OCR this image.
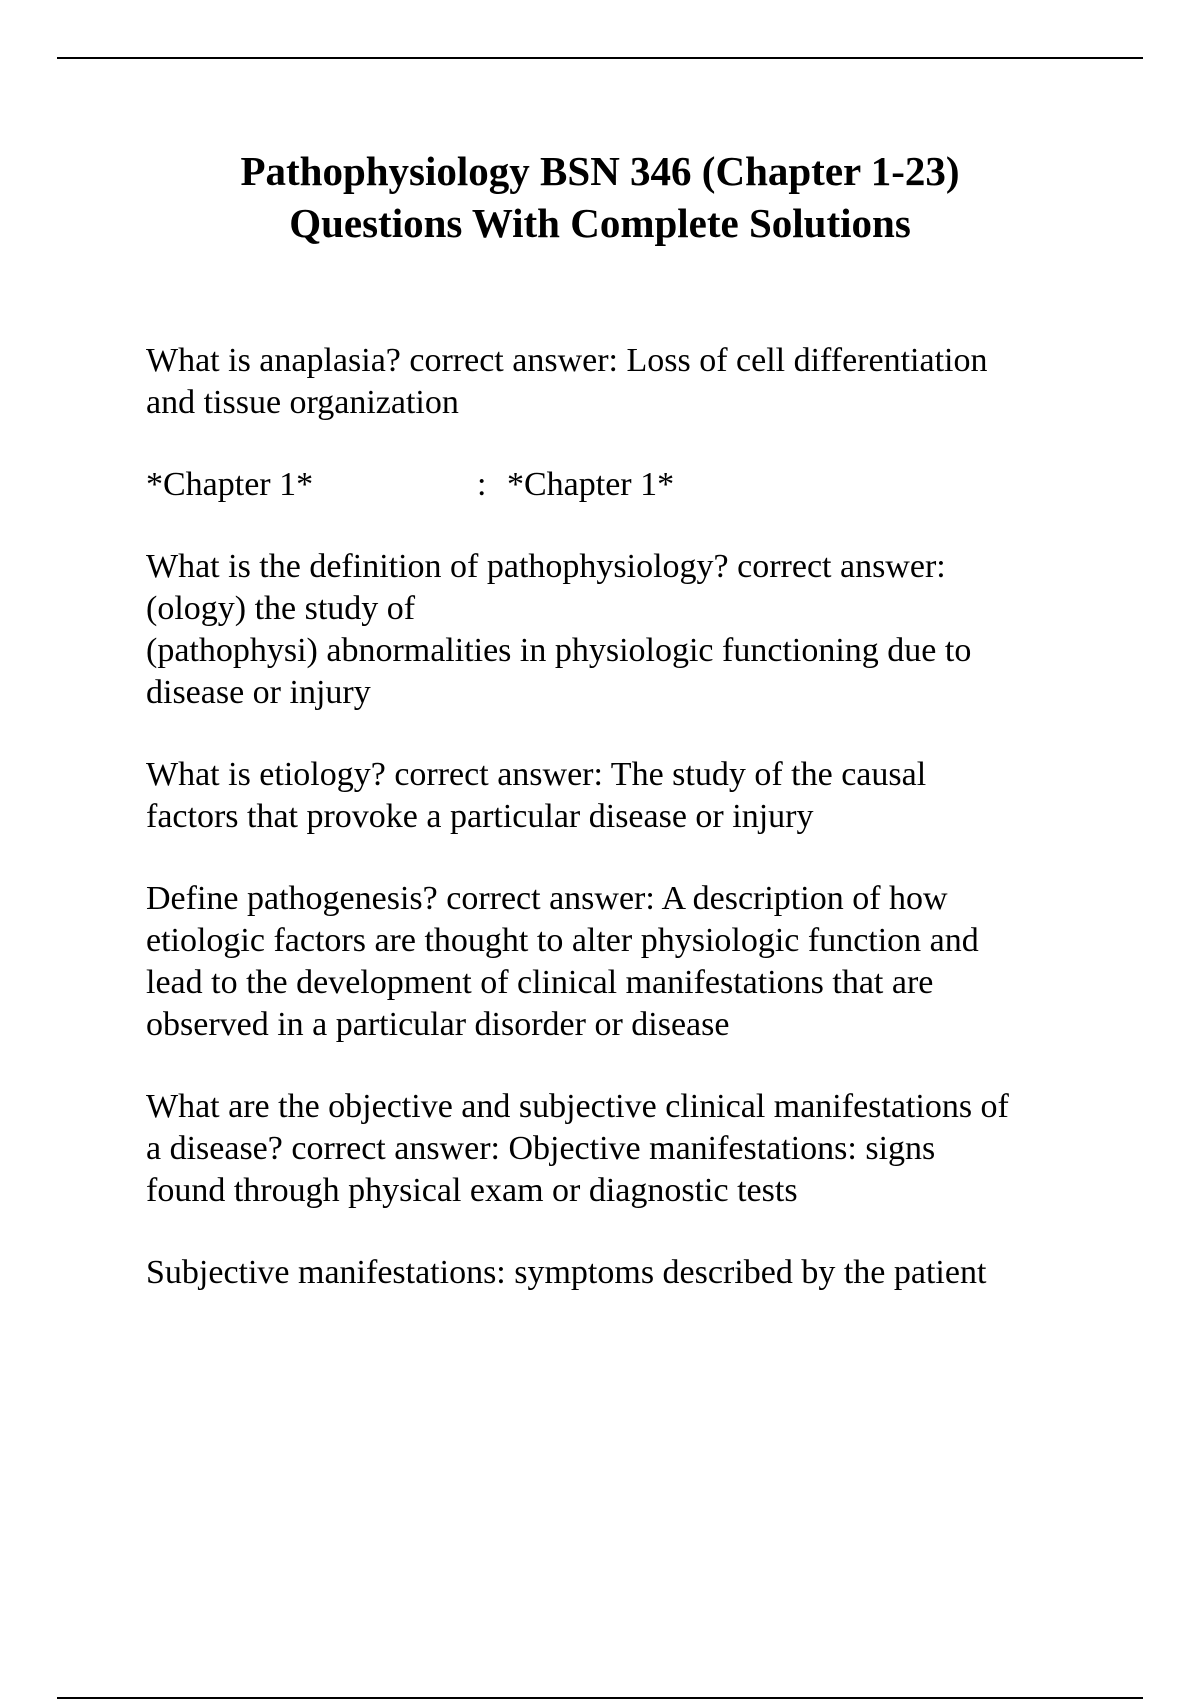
Pathophysiology BSN 346 (Chapter 1-23)
Questions With Complete Solutions

What is anaplasia? correct answer: Loss of cell differentiation
and tissue organization

*Chapter 1*	: *Chapter 1*

What is the definition of pathophysiology? correct answer:
(ology) the study of
(pathophysi) abnormalities in physiologic functioning due to
disease or injury

What is etiology? correct answer: The study of the causal
factors that provoke a particular disease or injury

Define pathogenesis? correct answer: A description of how
etiologic factors are thought to alter physiologic function and
lead to the development of clinical manifestations that are
observed in a particular disorder or disease

What are the objective and subjective clinical manifestations of
a disease? correct answer: Objective manifestations: signs
found through physical exam or diagnostic tests

Subjective manifestations: symptoms described by the patient
